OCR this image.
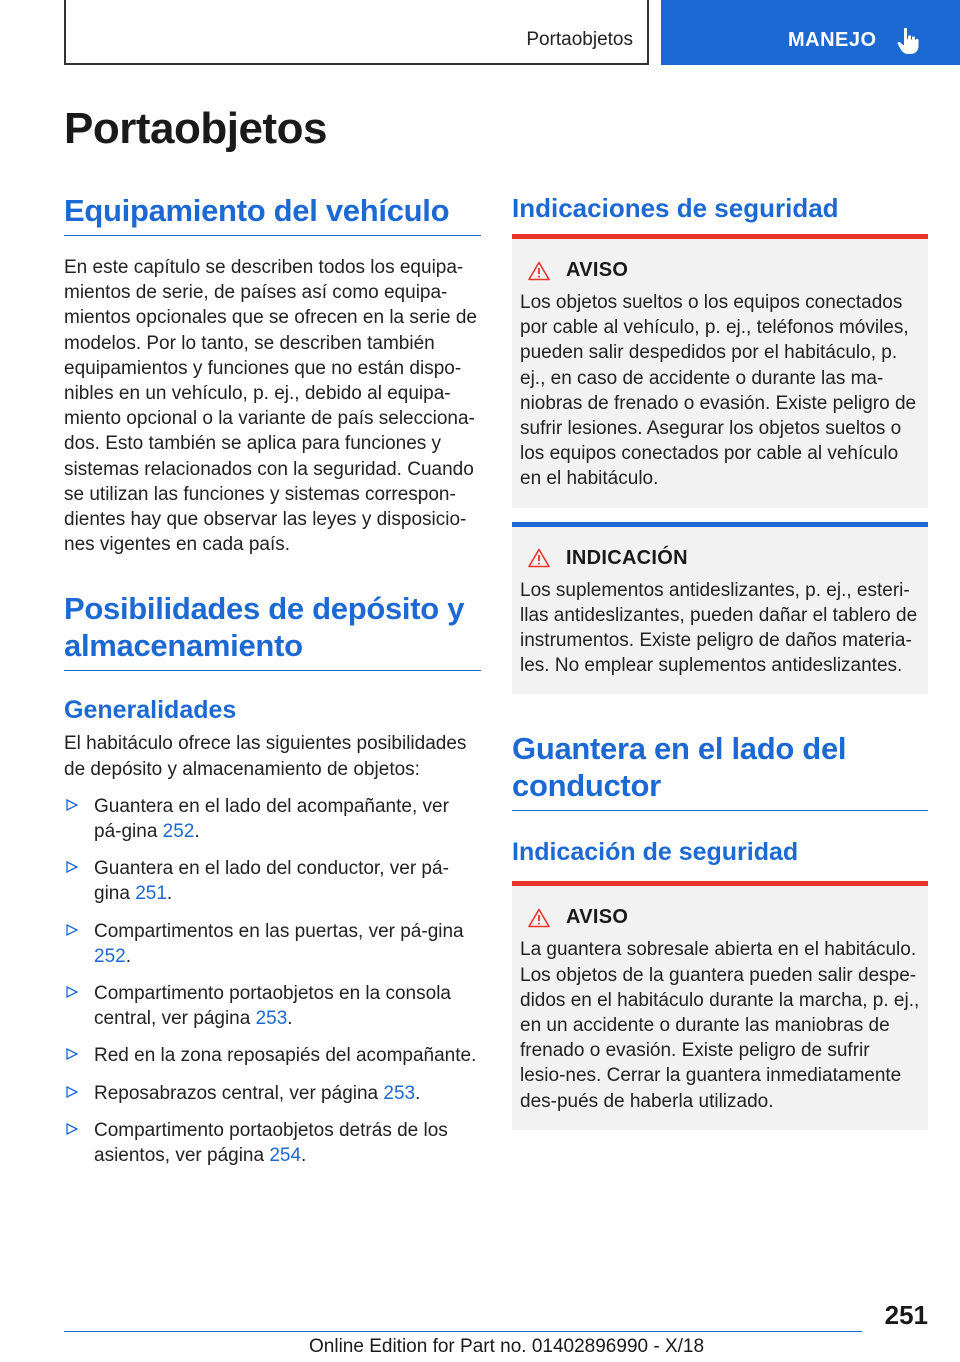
Portaobjetos	MANEJO
Portaobjetos
Equipamiento del vehículo

En este capítulo se describen todos los equipa-mientos de serie, de países así como equipa-mientos opcionales que se ofrecen en la serie de modelos. Por lo tanto, se describen también equipamientos y funciones que no están dispo-nibles en un vehículo, p. ej., debido al equipa-miento opcional o la variante de país selecciona-dos. Esto también se aplica para funciones y sistemas relacionados con la seguridad. Cuando se utilizan las funciones y sistemas correspon-dientes hay que observar las leyes y disposicio-nes vigentes en cada país.

Posibilidades de depósito y almacenamiento
Generalidades

El habitáculo ofrece las siguientes posibilidades de depósito y almacenamiento de objetos:

Guantera en el lado del acompañante, ver pá-gina 252.
Guantera en el lado del conductor, ver pá-gina 251.
Compartimentos en las puertas, ver pá-gina 252.
Compartimento portaobjetos en la consola central, ver página 253.
Red en la zona reposapiés del acompañante.
Reposabrazos central, ver página 253.
Compartimento portaobjetos detrás de los asientos, ver página 254.
Indicaciones de seguridad
AVISO

Los objetos sueltos o los equipos conectados por cable al vehículo, p. ej., teléfonos móviles, pueden salir despedidos por el habitáculo, p. ej., en caso de accidente o durante las ma-niobras de frenado o evasión. Existe peligro de sufrir lesiones. Asegurar los objetos sueltos o los equipos conectados por cable al vehículo en el habitáculo.

INDICACIÓN

Los suplementos antideslizantes, p. ej., esteri-llas antideslizantes, pueden dañar el tablero de instrumentos. Existe peligro de daños materia-les. No emplear suplementos antideslizantes.

Guantera en el lado del conductor
Indicación de seguridad
AVISO

La guantera sobresale abierta en el habitáculo. Los objetos de la guantera pueden salir despe-didos en el habitáculo durante la marcha, p. ej., en un accidente o durante las maniobras de frenado o evasión. Existe peligro de sufrir lesio-nes. Cerrar la guantera inmediatamente des-pués de haberla utilizado.

251
Online Edition for Part no. 01402896990 - X/18
